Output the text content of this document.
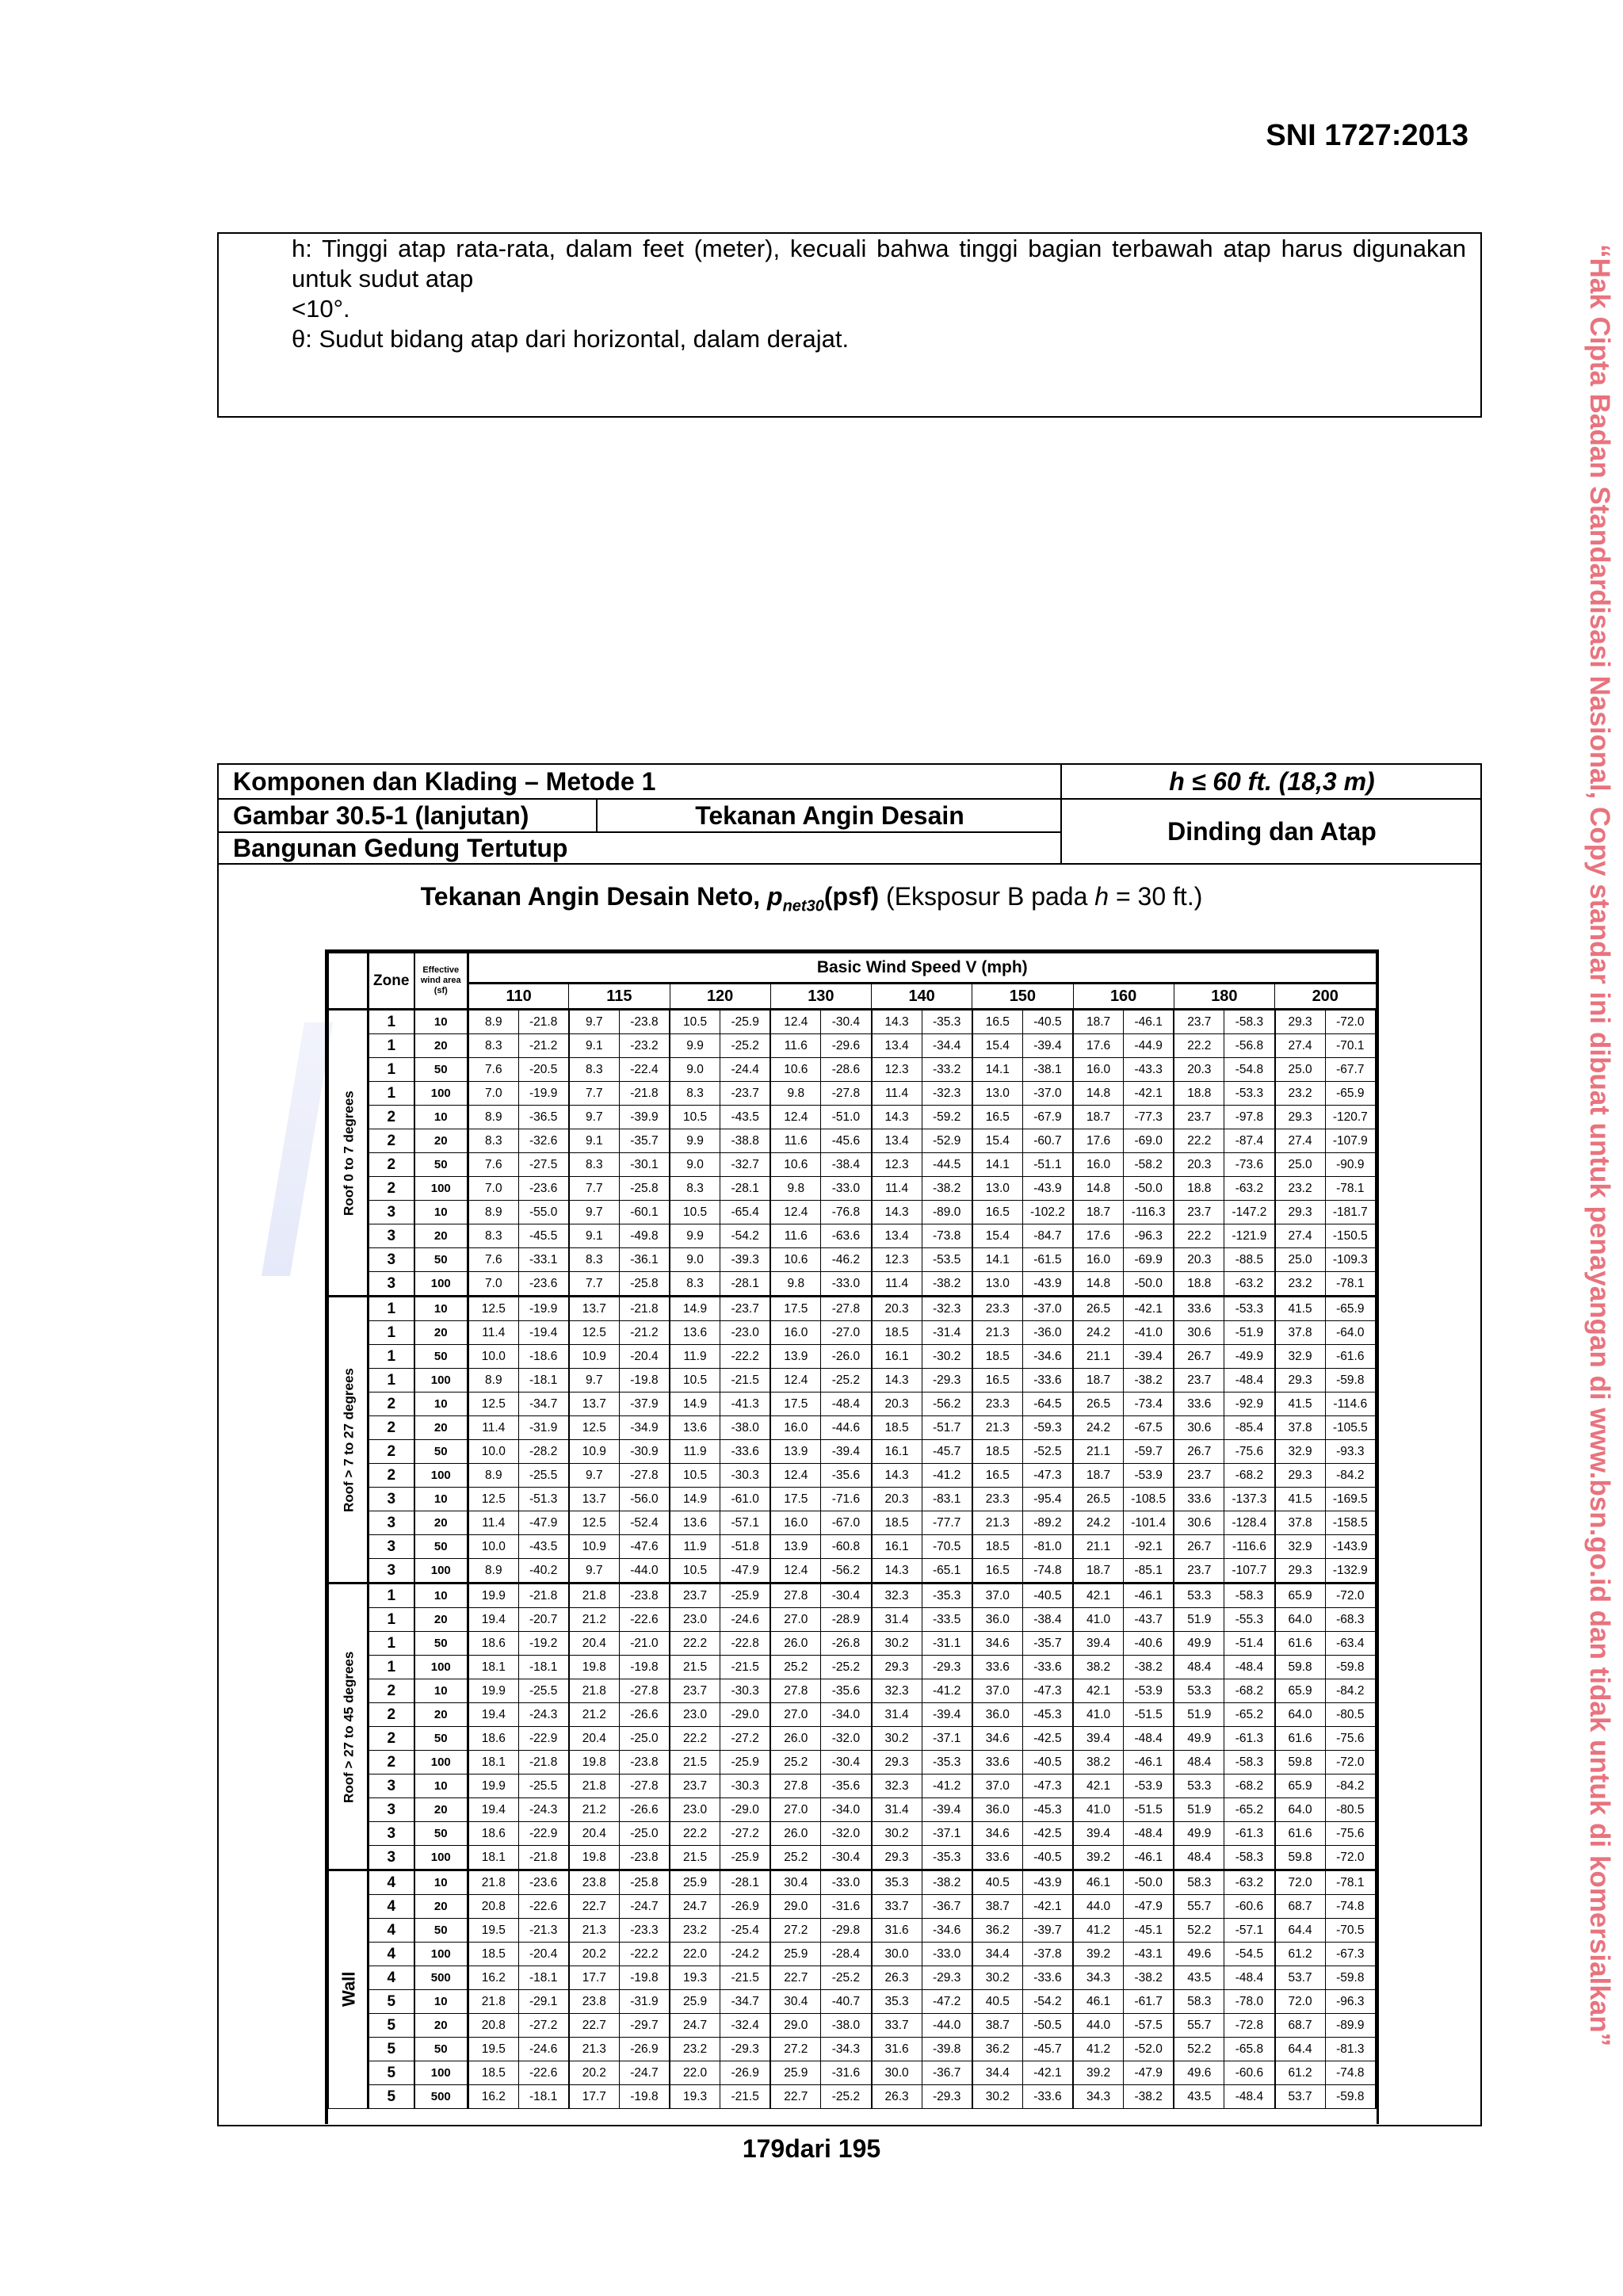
SNI 1727:2013

h: Tinggi atap rata-rata, dalam feet (meter), kecuali bahwa tinggi bagian terbawah atap harus digunakan untuk sudut atap

<10°.

θ: Sudut bidang atap dari horizontal, dalam derajat.	“Hak Cipta Badan Standardisasi Nasional, Copy standar ini dibuat untuk penayangan di www.bsn.go.id dan tidak untuk di komersialkan”
Komponen dan Klading – Metode 1	h ≤ 60 ft. (18,3 m)
Gambar 30.5-1 (lanjutan)	Tekanan Angin Desain
Bangunan Gedung Tertutup
Dinding dan Atap
Tekanan Angin Desain Neto, $p_{net30}(psf)$ (Eksposur B pada h = 30 ft.)
	Zone	Effective wind area (sf)	Basic Wind Speed V (mph)																	
			110		115		120		130		140		150		160		180		200	
Roof 0 to 7 degrees	1	10	8.9	-21.8	9.7	-23.8	10.5	-25.9	12.4	-30.4	14.3	-35.3	16.5	-40.5	18.7	-46.1	23.7	-58.3	29.3	-72.0
	1	20	8.3	-21.2	9.1	-23.2	9.9	-25.2	11.6	-29.6	13.4	-34.4	15.4	-39.4	17.6	-44.9	22.2	-56.8	27.4	-70.1
	1	50	7.6	-20.5	8.3	-22.4	9.0	-24.4	10.6	-28.6	12.3	-33.2	14.1	-38.1	16.0	-43.3	20.3	-54.8	25.0	-67.7
	1	100	7.0	-19.9	7.7	-21.8	8.3	-23.7	9.8	-27.8	11.4	-32.3	13.0	-37.0	14.8	-42.1	18.8	-53.3	23.2	-65.9
	2	10	8.9	-36.5	9.7	-39.9	10.5	-43.5	12.4	-51.0	14.3	-59.2	16.5	-67.9	18.7	-77.3	23.7	-97.8	29.3	-120.7
	2	20	8.3	-32.6	9.1	-35.7	9.9	-38.8	11.6	-45.6	13.4	-52.9	15.4	-60.7	17.6	-69.0	22.2	-87.4	27.4	-107.9
	2	50	7.6	-27.5	8.3	-30.1	9.0	-32.7	10.6	-38.4	12.3	-44.5	14.1	-51.1	16.0	-58.2	20.3	-73.6	25.0	-90.9
	2	100	7.0	-23.6	7.7	-25.8	8.3	-28.1	9.8	-33.0	11.4	-38.2	13.0	-43.9	14.8	-50.0	18.8	-63.2	23.2	-78.1
	3	10	8.9	-55.0	9.7	-60.1	10.5	-65.4	12.4	-76.8	14.3	-89.0	16.5	-102.2	18.7	-116.3	23.7	-147.2	29.3	-181.7
	3	20	8.3	-45.5	9.1	-49.8	9.9	-54.2	11.6	-63.6	13.4	-73.8	15.4	-84.7	17.6	-96.3	22.2	-121.9	27.4	-150.5
	3	50	7.6	-33.1	8.3	-36.1	9.0	-39.3	10.6	-46.2	12.3	-53.5	14.1	-61.5	16.0	-69.9	20.3	-88.5	25.0	-109.3
	3	100	7.0	-23.6	7.7	-25.8	8.3	-28.1	9.8	-33.0	11.4	-38.2	13.0	-43.9	14.8	-50.0	18.8	-63.2	23.2	-78.1
Roof > 7 to 27 degrees	1	10	12.5	-19.9	13.7	-21.8	14.9	-23.7	17.5	-27.8	20.3	-32.3	23.3	-37.0	26.5	-42.1	33.6	-53.3	41.5	-65.9
	1	20	11.4	-19.4	12.5	-21.2	13.6	-23.0	16.0	-27.0	18.5	-31.4	21.3	-36.0	24.2	-41.0	30.6	-51.9	37.8	-64.0
	1	50	10.0	-18.6	10.9	-20.4	11.9	-22.2	13.9	-26.0	16.1	-30.2	18.5	-34.6	21.1	-39.4	26.7	-49.9	32.9	-61.6
	1	100	8.9	-18.1	9.7	-19.8	10.5	-21.5	12.4	-25.2	14.3	-29.3	16.5	-33.6	18.7	-38.2	23.7	-48.4	29.3	-59.8
	2	10	12.5	-34.7	13.7	-37.9	14.9	-41.3	17.5	-48.4	20.3	-56.2	23.3	-64.5	26.5	-73.4	33.6	-92.9	41.5	-114.6
	2	20	11.4	-31.9	12.5	-34.9	13.6	-38.0	16.0	-44.6	18.5	-51.7	21.3	-59.3	24.2	-67.5	30.6	-85.4	37.8	-105.5
	2	50	10.0	-28.2	10.9	-30.9	11.9	-33.6	13.9	-39.4	16.1	-45.7	18.5	-52.5	21.1	-59.7	26.7	-75.6	32.9	-93.3
	2	100	8.9	-25.5	9.7	-27.8	10.5	-30.3	12.4	-35.6	14.3	-41.2	16.5	-47.3	18.7	-53.9	23.7	-68.2	29.3	-84.2
	3	10	12.5	-51.3	13.7	-56.0	14.9	-61.0	17.5	-71.6	20.3	-83.1	23.3	-95.4	26.5	-108.5	33.6	-137.3	41.5	-169.5
	3	20	11.4	-47.9	12.5	-52.4	13.6	-57.1	16.0	-67.0	18.5	-77.7	21.3	-89.2	24.2	-101.4	30.6	-128.4	37.8	-158.5
	3	50	10.0	-43.5	10.9	-47.6	11.9	-51.8	13.9	-60.8	16.1	-70.5	18.5	-81.0	21.1	-92.1	26.7	-116.6	32.9	-143.9
	3	100	8.9	-40.2	9.7	-44.0	10.5	-47.9	12.4	-56.2	14.3	-65.1	16.5	-74.8	18.7	-85.1	23.7	-107.7	29.3	-132.9
Roof > 27 to 45 degrees	1	10	19.9	-21.8	21.8	-23.8	23.7	-25.9	27.8	-30.4	32.3	-35.3	37.0	-40.5	42.1	-46.1	53.3	-58.3	65.9	-72.0
	1	20	19.4	-20.7	21.2	-22.6	23.0	-24.6	27.0	-28.9	31.4	-33.5	36.0	-38.4	41.0	-43.7	51.9	-55.3	64.0	-68.3
	1	50	18.6	-19.2	20.4	-21.0	22.2	-22.8	26.0	-26.8	30.2	-31.1	34.6	-35.7	39.4	-40.6	49.9	-51.4	61.6	-63.4
	1	100	18.1	-18.1	19.8	-19.8	21.5	-21.5	25.2	-25.2	29.3	-29.3	33.6	-33.6	38.2	-38.2	48.4	-48.4	59.8	-59.8
	2	10	19.9	-25.5	21.8	-27.8	23.7	-30.3	27.8	-35.6	32.3	-41.2	37.0	-47.3	42.1	-53.9	53.3	-68.2	65.9	-84.2
	2	20	19.4	-24.3	21.2	-26.6	23.0	-29.0	27.0	-34.0	31.4	-39.4	36.0	-45.3	41.0	-51.5	51.9	-65.2	64.0	-80.5
	2	50	18.6	-22.9	20.4	-25.0	22.2	-27.2	26.0	-32.0	30.2	-37.1	34.6	-42.5	39.4	-48.4	49.9	-61.3	61.6	-75.6
	2	100	18.1	-21.8	19.8	-23.8	21.5	-25.9	25.2	-30.4	29.3	-35.3	33.6	-40.5	38.2	-46.1	48.4	-58.3	59.8	-72.0
	3	10	19.9	-25.5	21.8	-27.8	23.7	-30.3	27.8	-35.6	32.3	-41.2	37.0	-47.3	42.1	-53.9	53.3	-68.2	65.9	-84.2
	3	20	19.4	-24.3	21.2	-26.6	23.0	-29.0	27.0	-34.0	31.4	-39.4	36.0	-45.3	41.0	-51.5	51.9	-65.2	64.0	-80.5
	3	50	18.6	-22.9	20.4	-25.0	22.2	-27.2	26.0	-32.0	30.2	-37.1	34.6	-42.5	39.4	-48.4	49.9	-61.3	61.6	-75.6
	3	100	18.1	-21.8	19.8	-23.8	21.5	-25.9	25.2	-30.4	29.3	-35.3	33.6	-40.5	39.2	-46.1	48.4	-58.3	59.8	-72.0
Wall	4	10	21.8	-23.6	23.8	-25.8	25.9	-28.1	30.4	-33.0	35.3	-38.2	40.5	-43.9	46.1	-50.0	58.3	-63.2	72.0	-78.1
	4	20	20.8	-22.6	22.7	-24.7	24.7	-26.9	29.0	-31.6	33.7	-36.7	38.7	-42.1	44.0	-47.9	55.7	-60.6	68.7	-74.8
	4	50	19.5	-21.3	21.3	-23.3	23.2	-25.4	27.2	-29.8	31.6	-34.6	36.2	-39.7	41.2	-45.1	52.2	-57.1	64.4	-70.5
	4	100	18.5	-20.4	20.2	-22.2	22.0	-24.2	25.9	-28.4	30.0	-33.0	34.4	-37.8	39.2	-43.1	49.6	-54.5	61.2	-67.3
	4	500	16.2	-18.1	17.7	-19.8	19.3	-21.5	22.7	-25.2	26.3	-29.3	30.2	-33.6	34.3	-38.2	43.5	-48.4	53.7	-59.8
	5	10	21.8	-29.1	23.8	-31.9	25.9	-34.7	30.4	-40.7	35.3	-47.2	40.5	-54.2	46.1	-61.7	58.3	-78.0	72.0	-96.3
	5	20	20.8	-27.2	22.7	-29.7	24.7	-32.4	29.0	-38.0	33.7	-44.0	38.7	-50.5	44.0	-57.5	55.7	-72.8	68.7	-89.9
	5	50	19.5	-24.6	21.3	-26.9	23.2	-29.3	27.2	-34.3	31.6	-39.8	36.2	-45.7	41.2	-52.0	52.2	-65.8	64.4	-81.3
	5	100	18.5	-22.6	20.2	-24.7	22.0	-26.9	25.9	-31.6	30.0	-36.7	34.4	-42.1	39.2	-47.9	49.6	-60.6	61.2	-74.8
	5	500	16.2	-18.1	17.7	-19.8	19.3	-21.5	22.7	-25.2	26.3	-29.3	30.2	-33.6	34.3	-38.2	43.5	-48.4	53.7	-59.8
179dari 195
